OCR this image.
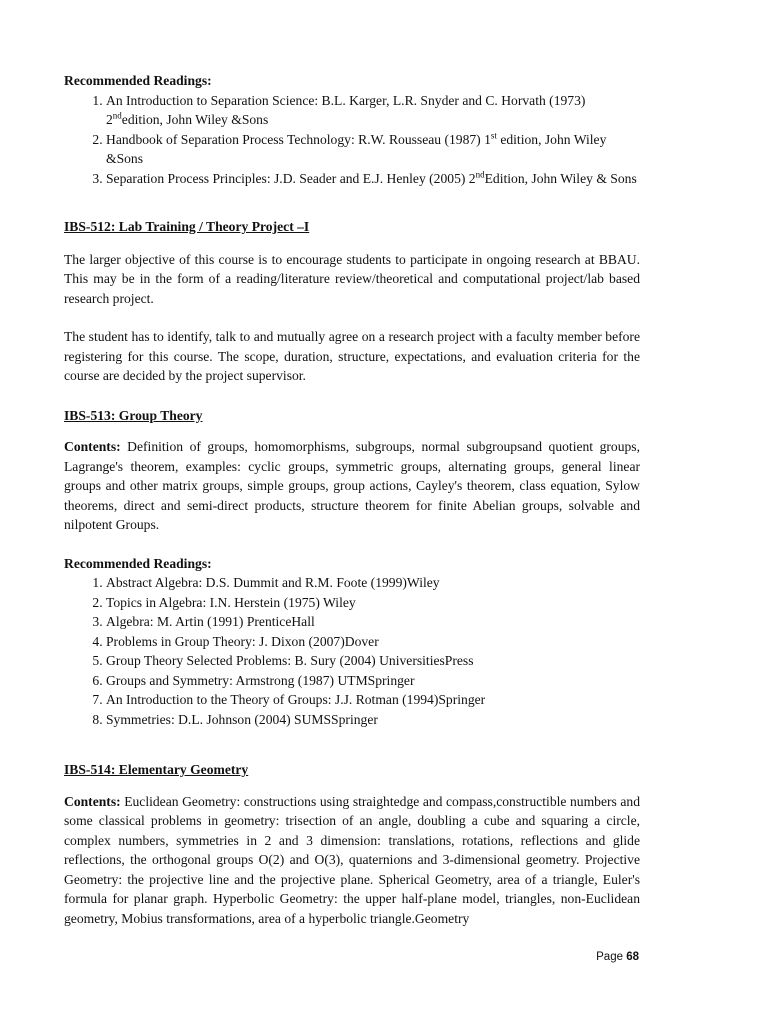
Recommended Readings:

1. An Introduction to Separation Science: B.L. Karger, L.R. Snyder and C. Horvath (1973) 2ndedition, John Wiley &Sons
2. Handbook of Separation Process Technology: R.W. Rousseau (1987) 1st edition, John Wiley &Sons
3. Separation Process Principles: J.D. Seader and E.J. Henley (2005) 2ndEdition, John Wiley & Sons

IBS-512: Lab Training / Theory Project –I

The larger objective of this course is to encourage students to participate in ongoing research at BBAU. This may be in the form of a reading/literature review/theoretical and computational project/lab based research project.

The student has to identify, talk to and mutually agree on a research project with a faculty member before registering for this course. The scope, duration, structure, expectations, and evaluation criteria for the course are decided by the project supervisor.

IBS-513: Group Theory

Contents: Definition of groups, homomorphisms, subgroups, normal subgroupsand quotient groups, Lagrange's theorem, examples: cyclic groups, symmetric groups, alternating groups, general linear groups and other matrix groups, simple groups, group actions, Cayley's theorem, class equation, Sylow theorems, direct and semi-direct products, structure theorem for finite Abelian groups, solvable and nilpotent Groups.

Recommended Readings:

1. Abstract Algebra: D.S. Dummit and R.M. Foote (1999)Wiley
2. Topics in Algebra: I.N. Herstein (1975) Wiley
3. Algebra: M. Artin (1991) PrenticeHall
4. Problems in Group Theory: J. Dixon (2007)Dover
5. Group Theory Selected Problems: B. Sury (2004) UniversitiesPress
6. Groups and Symmetry: Armstrong (1987) UTMSpringer
7. An Introduction to the Theory of Groups: J.J. Rotman (1994)Springer
8. Symmetries: D.L. Johnson (2004) SUMSSpringer

IBS-514: Elementary Geometry

Contents: Euclidean Geometry: constructions using straightedge and compass,constructible numbers and some classical problems in geometry: trisection of an angle, doubling a cube and squaring a circle, complex numbers, symmetries in 2 and 3 dimension: translations, rotations, reflections and glide reflections, the orthogonal groups O(2) and O(3), quaternions and 3-dimensional geometry. Projective Geometry: the projective line and the projective plane. Spherical Geometry, area of a triangle, Euler's formula for planar graph. Hyperbolic Geometry: the upper half-plane model, triangles, non-Euclidean geometry, Mobius transformations, area of a hyperbolic triangle.Geometry

Page 68
